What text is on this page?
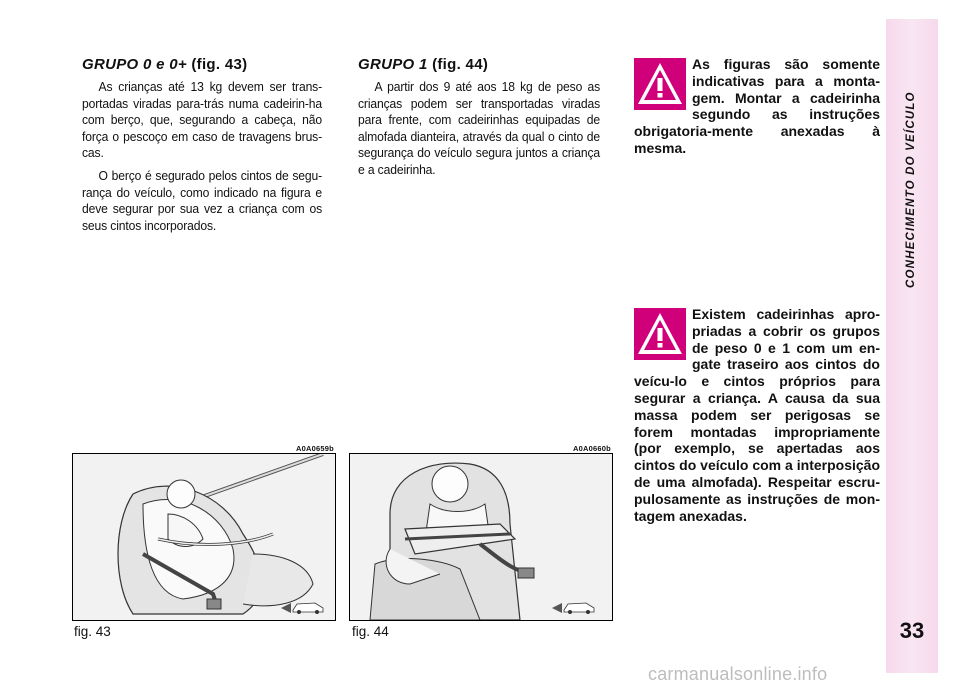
GRUPO 0 e 0+ (fig. 43)

As crianças até 13 kg devem ser trans-portadas viradas para-trás numa cadeirin-ha com berço, que, segurando a cabeça, não força o pescoço em caso de travagens brus-cas.

O berço é segurado pelos cintos de segu-rança do veículo, como indicado na figura e deve segurar por sua vez a criança com os seus cintos incorporados.

GRUPO 1 (fig. 44)

A partir dos 9 até aos 18 kg de peso as crianças podem ser transportadas viradas para frente, com cadeirinhas equipadas de almofada dianteira, através da qual o cinto de segurança do veículo segura juntos a criança e a cadeirinha.

As figuras são somente indicativas para a monta-gem. Montar a cadeirinha segundo as instruções obrigatoria-mente anexadas à mesma.
Existem cadeirinhas apro-priadas a cobrir os grupos de peso 0 e 1 com um en-gate traseiro aos cintos do veícu-lo e cintos próprios para segurar a criança. A causa da sua massa podem ser perigosas se forem montadas impropriamente (por exemplo, se apertadas aos cintos do veículo com a interposição de uma almofada). Respeitar escru-pulosamente as instruções de mon-tagem anexadas.
A0A0659b
fig. 43
A0A0660b
fig. 44
CONHECIMENTO DO VEÍCULO
33
carmanualsonline.info
